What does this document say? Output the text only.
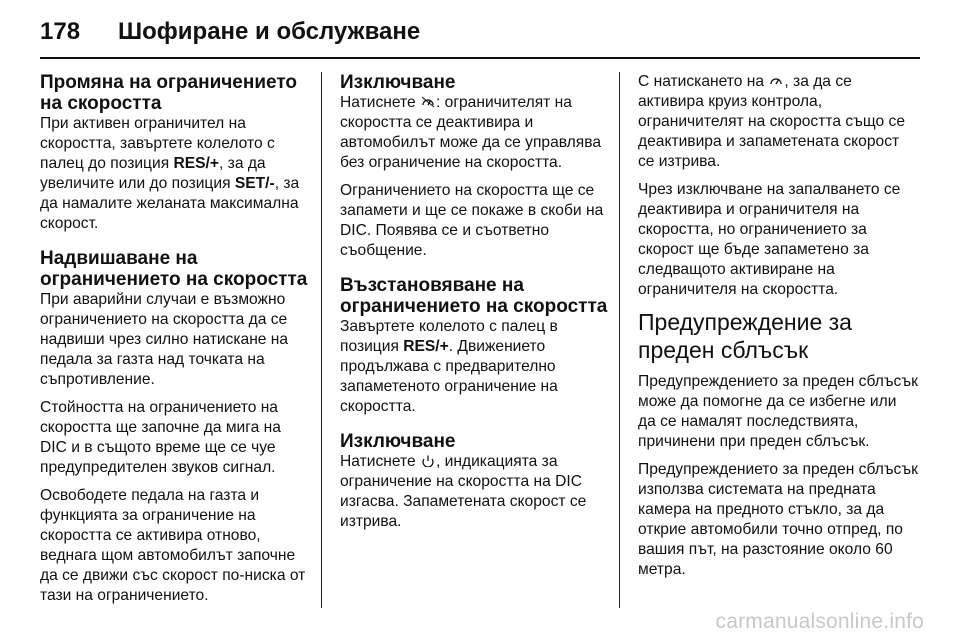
178	Шофиране и обслужване
Промяна на ограничението на скоростта

При активен ограничител на скоростта, завъртете колелото с палец до позиция RES/+, за да увеличите или до позиция SET/-, за да намалите желаната максимална скорост.

Надвишаване на ограничението на скоростта

При аварийни случаи е възможно ограничението на скоростта да се надвиши чрез силно натискане на педала за газта над точката на съпротивление.

Стойността на ограничението на скоростта ще започне да мига на DIC и в същото време ще се чуе предупредителен звуков сигнал.

Освободете педала на газта и функцията за ограничение на скоростта се активира отново, веднага щом автомобилът започне да се движи със скорост по-ниска от тази на ограничението.

Изключване

Натиснете : ограничителят на скоростта се деактивира и автомобилът може да се управлява без ограничение на скоростта.

Ограничението на скоростта ще се запамети и ще се покаже в скоби на DIC. Появява се и съответно съобщение.

Възстановяване на ограничението на скоростта

Завъртете колелото с палец в позиция RES/+. Движението продължава с предварително запаметеното ограничение на скоростта.

Изключване

Натиснете , индикацията за ограничение на скоростта на DIC изгасва. Запаметената скорост се изтрива.

С натискането на , за да се активира круиз контрола, ограничителят на скоростта също се деактивира и запаметената скорост се изтрива.

Чрез изключване на запалването се деактивира и ограничителя на скоростта, но ограничението за скорост ще бъде запаметено за следващото активиране на ограничителя на скоростта.

Предупреждение за преден сблъсък

Предупреждението за преден сблъсък може да помогне да се избегне или да се намалят последствията, причинени при преден сблъсък.

Предупреждението за преден сблъсък използва системата на предната камера на предното стъкло, за да открие автомобили точно отпред, по вашия път, на разстояние около 60 метра.

carmanualsonline.info
